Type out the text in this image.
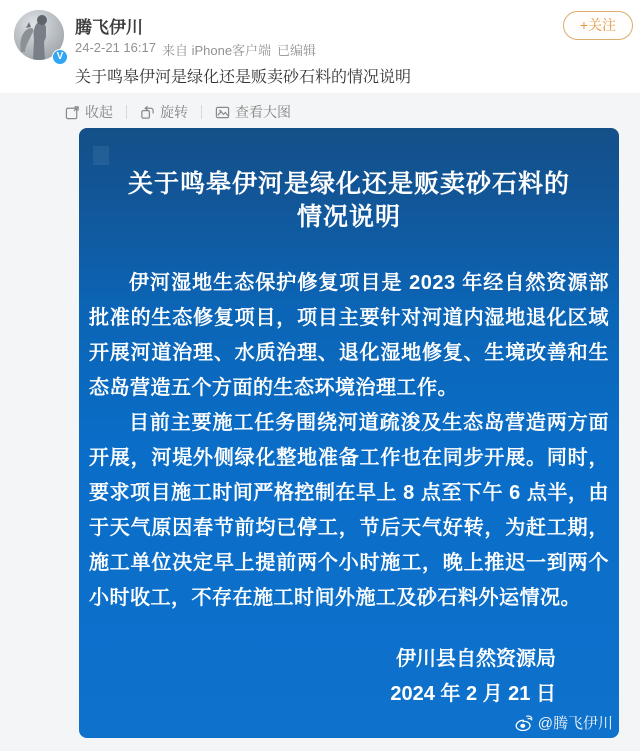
V
腾飞伊川
24-2-21 16:17 来自 iPhone客户端 已编辑
+关注
关于鸣皋伊河是绿化还是贩卖砂石料的情况说明
收起	旋转	查看大图
关于鸣皋伊河是绿化还是贩卖砂石料的
情况说明

伊河湿地生态保护修复项目是 2023 年经自然资源部批准的生态修复项目，项目主要针对河道内湿地退化区域开展河道治理、水质治理、退化湿地修复、生境改善和生态岛营造五个方面的生态环境治理工作。

目前主要施工任务围绕河道疏浚及生态岛营造两方面开展，河堤外侧绿化整地准备工作也在同步开展。同时，要求项目施工时间严格控制在早上 8 点至下午 6 点半，由于天气原因春节前均已停工，节后天气好转，为赶工期，施工单位决定早上提前两个小时施工，晚上推迟一到两个小时收工，不存在施工时间外施工及砂石料外运情况。

伊川县自然资源局
2024 年 2 月 21 日
@腾飞伊川
